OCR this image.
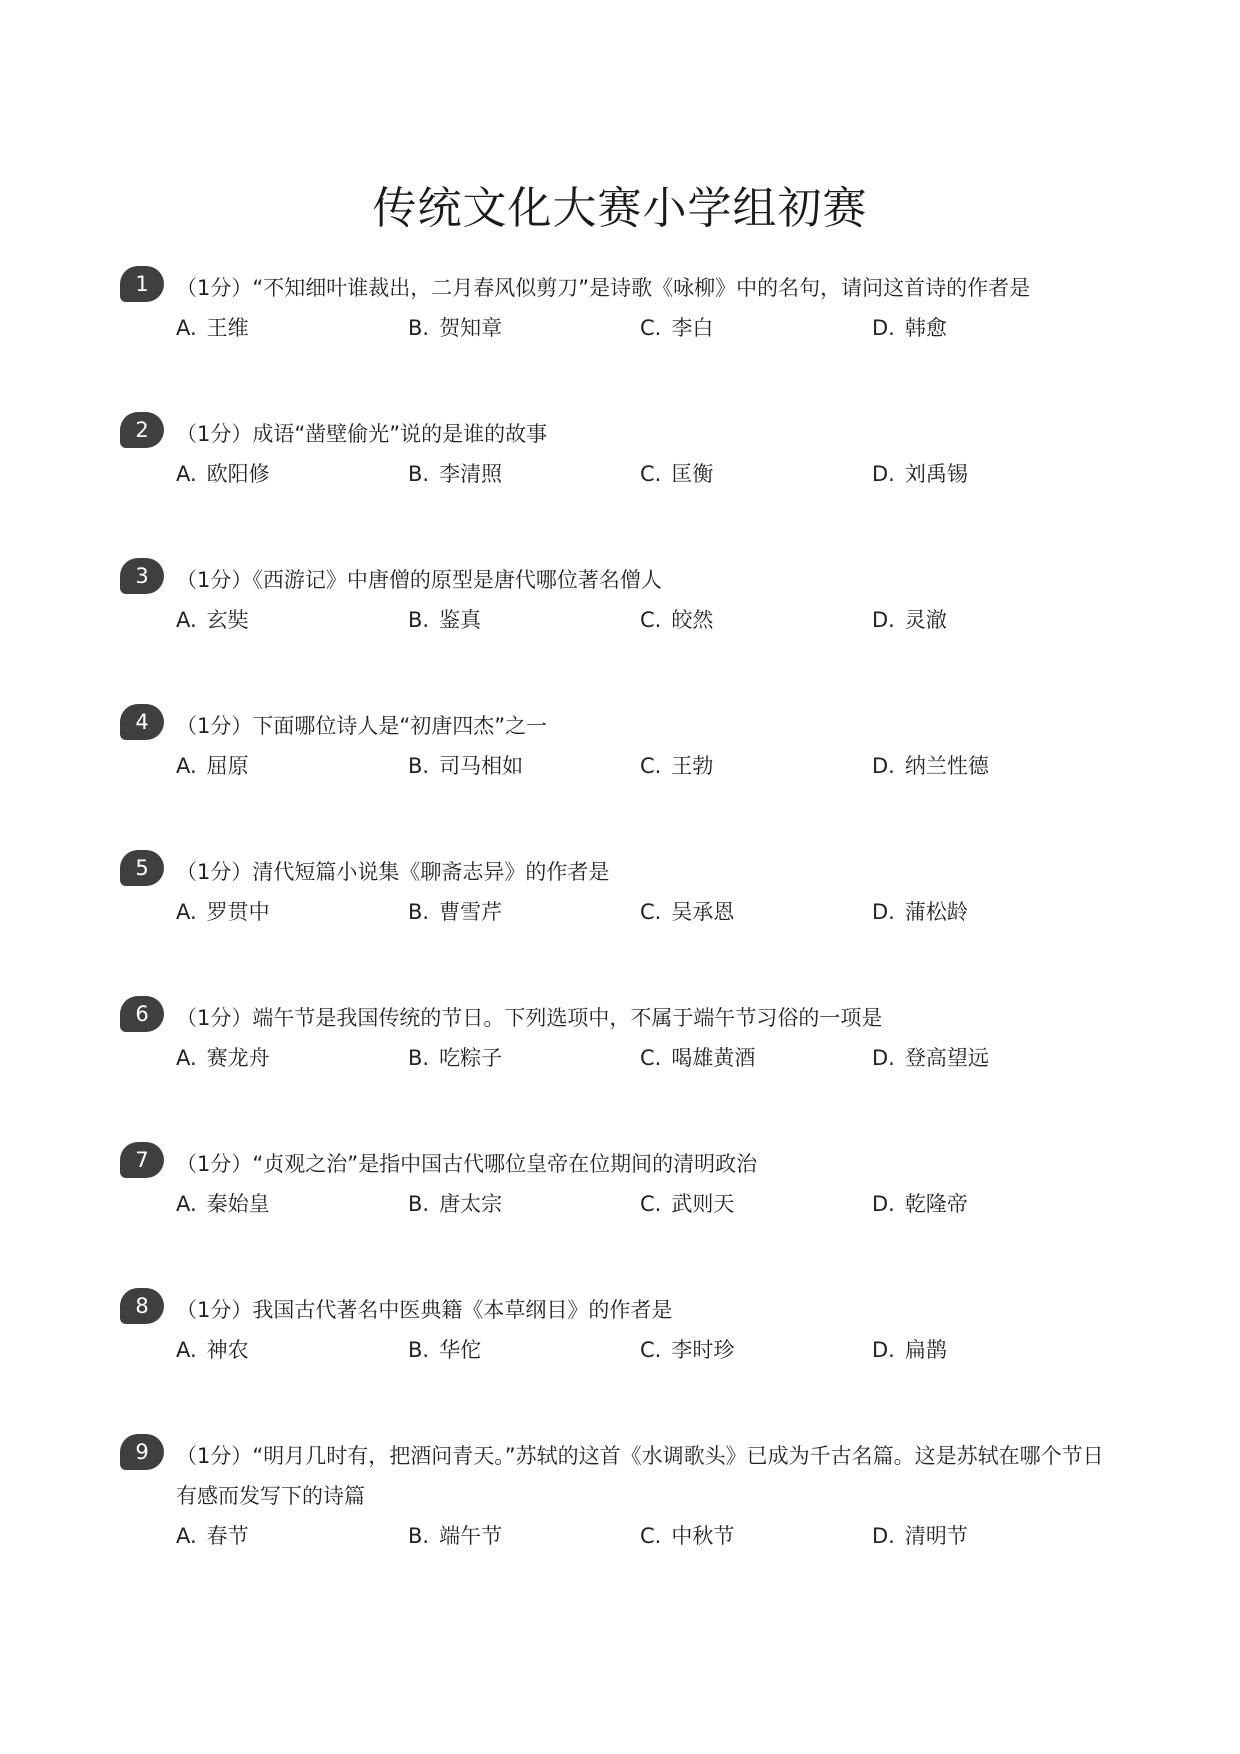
传统文化大赛小学组初赛
1	（1分）“不知细叶谁裁出，二月春风似剪刀”是诗歌《咏柳》中的名句，请问这首诗的作者是
A. 王维	B. 贺知章	C. 李白	D. 韩愈
2	（1分）成语“凿壁偷光”说的是谁的故事
A. 欧阳修	B. 李清照	C. 匡衡	D. 刘禹锡
3	（1分）《西游记》中唐僧的原型是唐代哪位著名僧人
A. 玄奘	B. 鉴真	C. 皎然	D. 灵澈
4	（1分）下面哪位诗人是“初唐四杰”之一
A. 屈原	B. 司马相如	C. 王勃	D. 纳兰性德
5	（1分）清代短篇小说集《聊斋志异》的作者是
A. 罗贯中	B. 曹雪芹	C. 吴承恩	D. 蒲松龄
6	（1分）端午节是我国传统的节日。下列选项中，不属于端午节习俗的一项是
A. 赛龙舟	B. 吃粽子	C. 喝雄黄酒	D. 登高望远
7	（1分）“贞观之治”是指中国古代哪位皇帝在位期间的清明政治
A. 秦始皇	B. 唐太宗	C. 武则天	D. 乾隆帝
8	（1分）我国古代著名中医典籍《本草纲目》的作者是
A. 神农	B. 华佗	C. 李时珍	D. 扁鹊
9	（1分）“明月几时有，把酒问青天。”苏轼的这首《水调歌头》已成为千古名篇。这是苏轼在哪个节日有感而发写下的诗篇
A. 春节	B. 端午节	C. 中秋节	D. 清明节
